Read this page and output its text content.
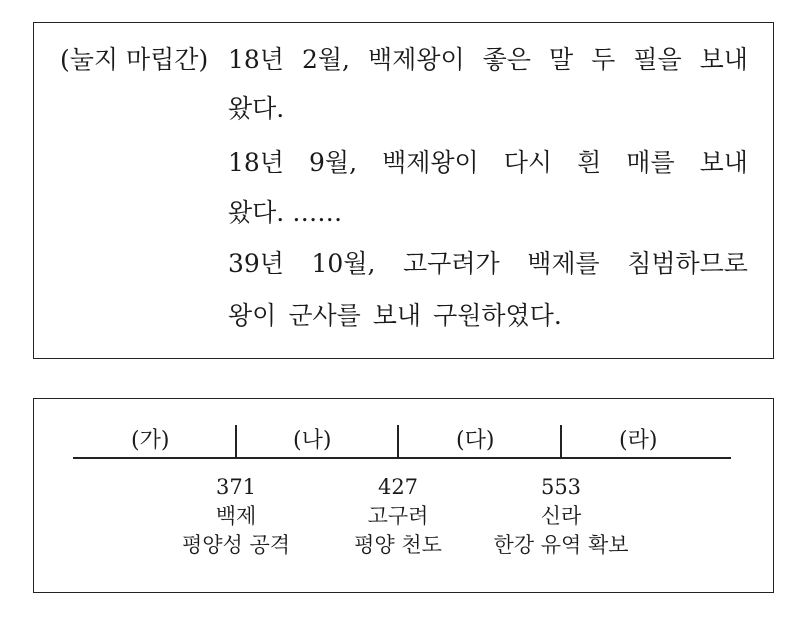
(눌지 마립간) 18년 2월, 백제왕이 좋은 말 두 필을 보내
왔다.
18년 9월, 백제왕이 다시 흰 매를 보내
왔다. ……
39년 10월, 고구려가 백제를 침범하므로
왕이 군사를 보내 구원하였다.
(가)	(나)	(다)	(라)
371
백제
평양성 공격
427
고구려
평양 천도
553
신라
한강 유역 확보
